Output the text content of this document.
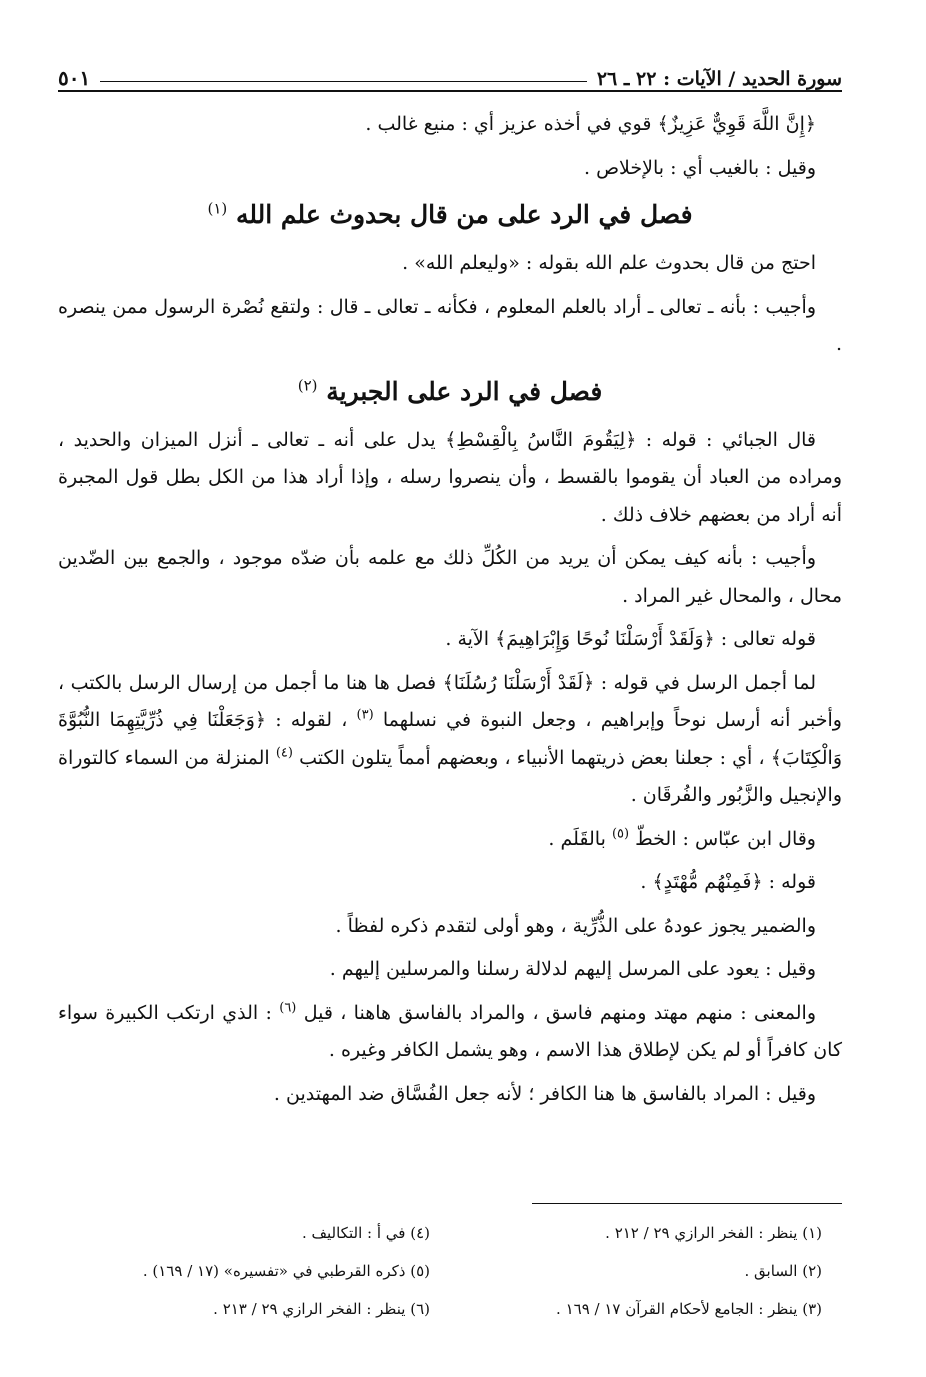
سورة الحديد / الآيات : ٢٢ ـ ٢٦
٥٠١

﴿إِنَّ اللَّهَ قَوِيٌّ عَزِيزٌ﴾ قوي في أخذه عزيز أي : منيع غالب .

وقيل : بالغيب أي : بالإخلاص .

فصل في الرد على من قال بحدوث علم الله $^{(١)}$

احتج من قال بحدوث علم الله بقوله : «وليعلم الله» .

وأجيب : بأنه ـ تعالى ـ أراد بالعلم المعلوم ، فكأنه ـ تعالى ـ قال : ولتقع نُصْرة الرسول ممن ينصره .

فصل في الرد على الجبرية $^{(٢)}$

قال الجبائي : قوله : ﴿لِيَقُومَ النَّاسُ بِالْقِسْطِ﴾ يدل على أنه ـ تعالى ـ أنزل الميزان والحديد ، ومراده من العباد أن يقوموا بالقسط ، وأن ينصروا رسله ، وإذا أراد هذا من الكل بطل قول المجبرة أنه أراد من بعضهم خلاف ذلك .

وأجيب : بأنه كيف يمكن أن يريد من الكُلِّ ذلك مع علمه بأن ضدّه موجود ، والجمع بين الضّدين محال ، والمحال غير المراد .

قوله تعالى : ﴿وَلَقَدْ أَرْسَلْنَا نُوحًا وَإِبْرَاهِيمَ﴾ الآية .

لما أجمل الرسل في قوله : ﴿لَقَدْ أَرْسَلْنَا رُسُلَنَا﴾ فصل ها هنا ما أجمل من إرسال الرسل بالكتب ، وأخبر أنه أرسل نوحاً وإبراهيم ، وجعل النبوة في نسلهما $^{(٣)}$ ، لقوله : ﴿وَجَعَلْنَا فِي ذُرِّيَّتِهِمَا النُّبُوَّةَ وَالْكِتَابَ﴾ ، أي : جعلنا بعض ذريتهما الأنبياء ، وبعضهم أمماً يتلون الكتب $^{(٤)}$ المنزلة من السماء كالتوراة والإنجيل والزَّبُور والفُرقَان .

وقال ابن عبّاس : الخطّ $^{(٥)}$ بالقَلَم .

قوله : ﴿فَمِنْهُم مُّهْتَدٍ﴾ .

والضمير يجوز عودهُ على الذُّرِّية ، وهو أولى لتقدم ذكره لفظاً .

وقيل : يعود على المرسل إليهم لدلالة رسلنا والمرسلين إليهم .

والمعنى : منهم مهتد ومنهم فاسق ، والمراد بالفاسق هاهنا ، قيل $^{(٦)}$ : الذي ارتكب الكبيرة سواء كان كافراً أو لم يكن لإطلاق هذا الاسم ، وهو يشمل الكافر وغيره .

وقيل : المراد بالفاسق ها هنا الكافر ؛ لأنه جعل الفُسَّاق ضد المهتدين .

(١) ينظر : الفخر الرازي ٢٩ / ٢١٢ .
(٤) في أ : التكاليف .
(٢) السابق .
(٥) ذكره القرطبي في «تفسيره» (١٧ / ١٦٩) .
(٣) ينظر : الجامع لأحكام القرآن ١٧ / ١٦٩ .
(٦) ينظر : الفخر الرازي ٢٩ / ٢١٣ .
